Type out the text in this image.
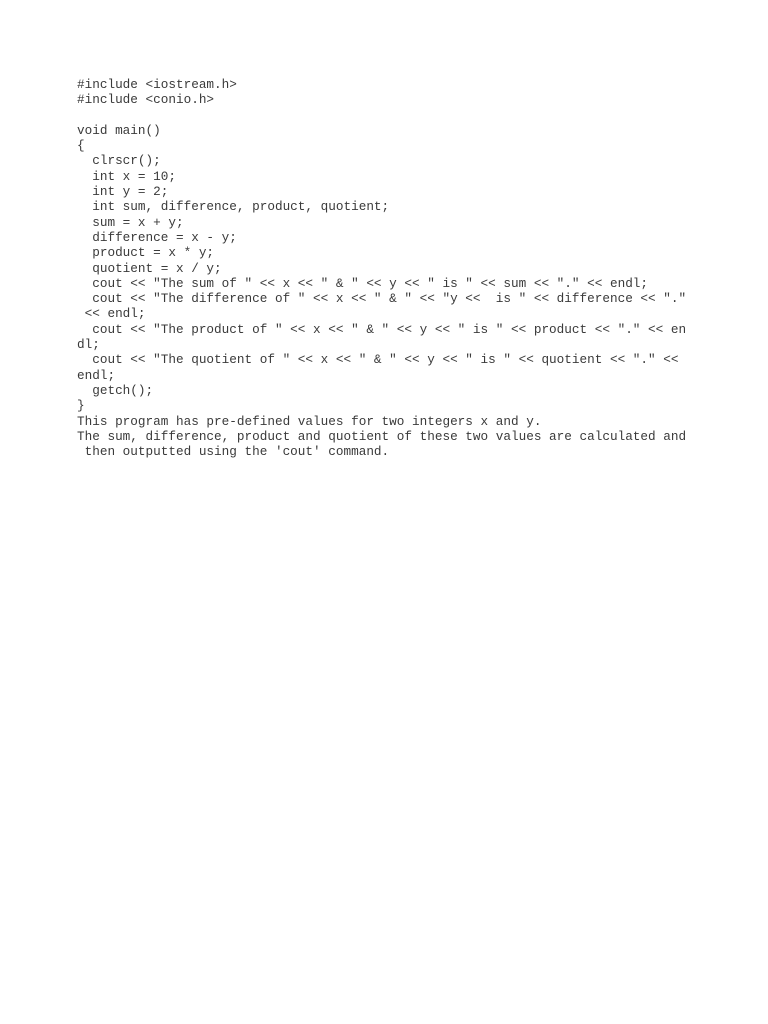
#include <iostream.h>
#include <conio.h>
void main()
{
clrscr();
int x = 10;
int y = 2;
int sum, difference, product, quotient;
sum = x + y;
difference = x - y;
product = x * y;
quotient = x / y;
cout << "The sum of " << x << " & " << y << " is " << sum << "." << endl;
cout << "The difference of " << x << " & " << "y <<  is " << difference << "."
<< endl;
cout << "The product of " << x << " & " << y << " is " << product << "." << en
dl;
cout << "The quotient of " << x << " & " << y << " is " << quotient << "." <<
endl;
getch();
}
This program has pre-defined values for two integers x and y.
The sum, difference, product and quotient of these two values are calculated and
then outputted using the 'cout' command.
